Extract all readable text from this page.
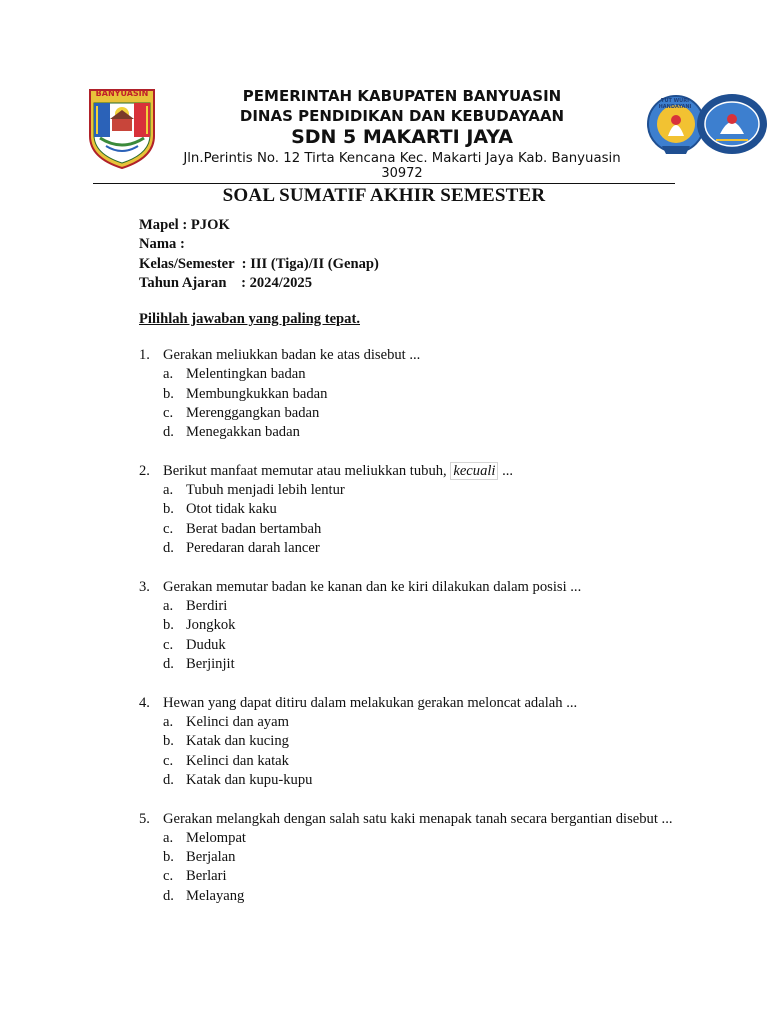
BANYUASIN
TUT WURI HANDAYANI
PEMERINTAH KABUPATEN BANYUASIN
DINAS PENDIDIKAN DAN KEBUDAYAAN
SDN 5 MAKARTI JAYA
Jln.Perintis No. 12 Tirta Kencana Kec. Makarti Jaya Kab. Banyuasin
30972
SOAL SUMATIF AKHIR SEMESTER
Mapel : PJOK
Nama :
Kelas/Semester  : III (Tiga)/II (Genap)
Tahun Ajaran    : 2024/2025
Pilihlah jawaban yang paling tepat.
1. Gerakan meliukkan badan ke atas disebut ...
a. Melentingkan badan
b. Membungkukkan badan
c. Merenggangkan badan
d. Menegakkan badan
2. Berikut manfaat memutar atau meliukkan tubuh, kecuali ...
a. Tubuh menjadi lebih lentur
b. Otot tidak kaku
c. Berat badan bertambah
d. Peredaran darah lancer
3. Gerakan memutar badan ke kanan dan ke kiri dilakukan dalam posisi ...
a. Berdiri
b. Jongkok
c. Duduk
d. Berjinjit
4. Hewan yang dapat ditiru dalam melakukan gerakan meloncat adalah ...
a. Kelinci dan ayam
b. Katak dan kucing
c. Kelinci dan katak
d. Katak dan kupu-kupu
5. Gerakan melangkah dengan salah satu kaki menapak tanah secara bergantian disebut ...
a. Melompat
b. Berjalan
c. Berlari
d. Melayang
